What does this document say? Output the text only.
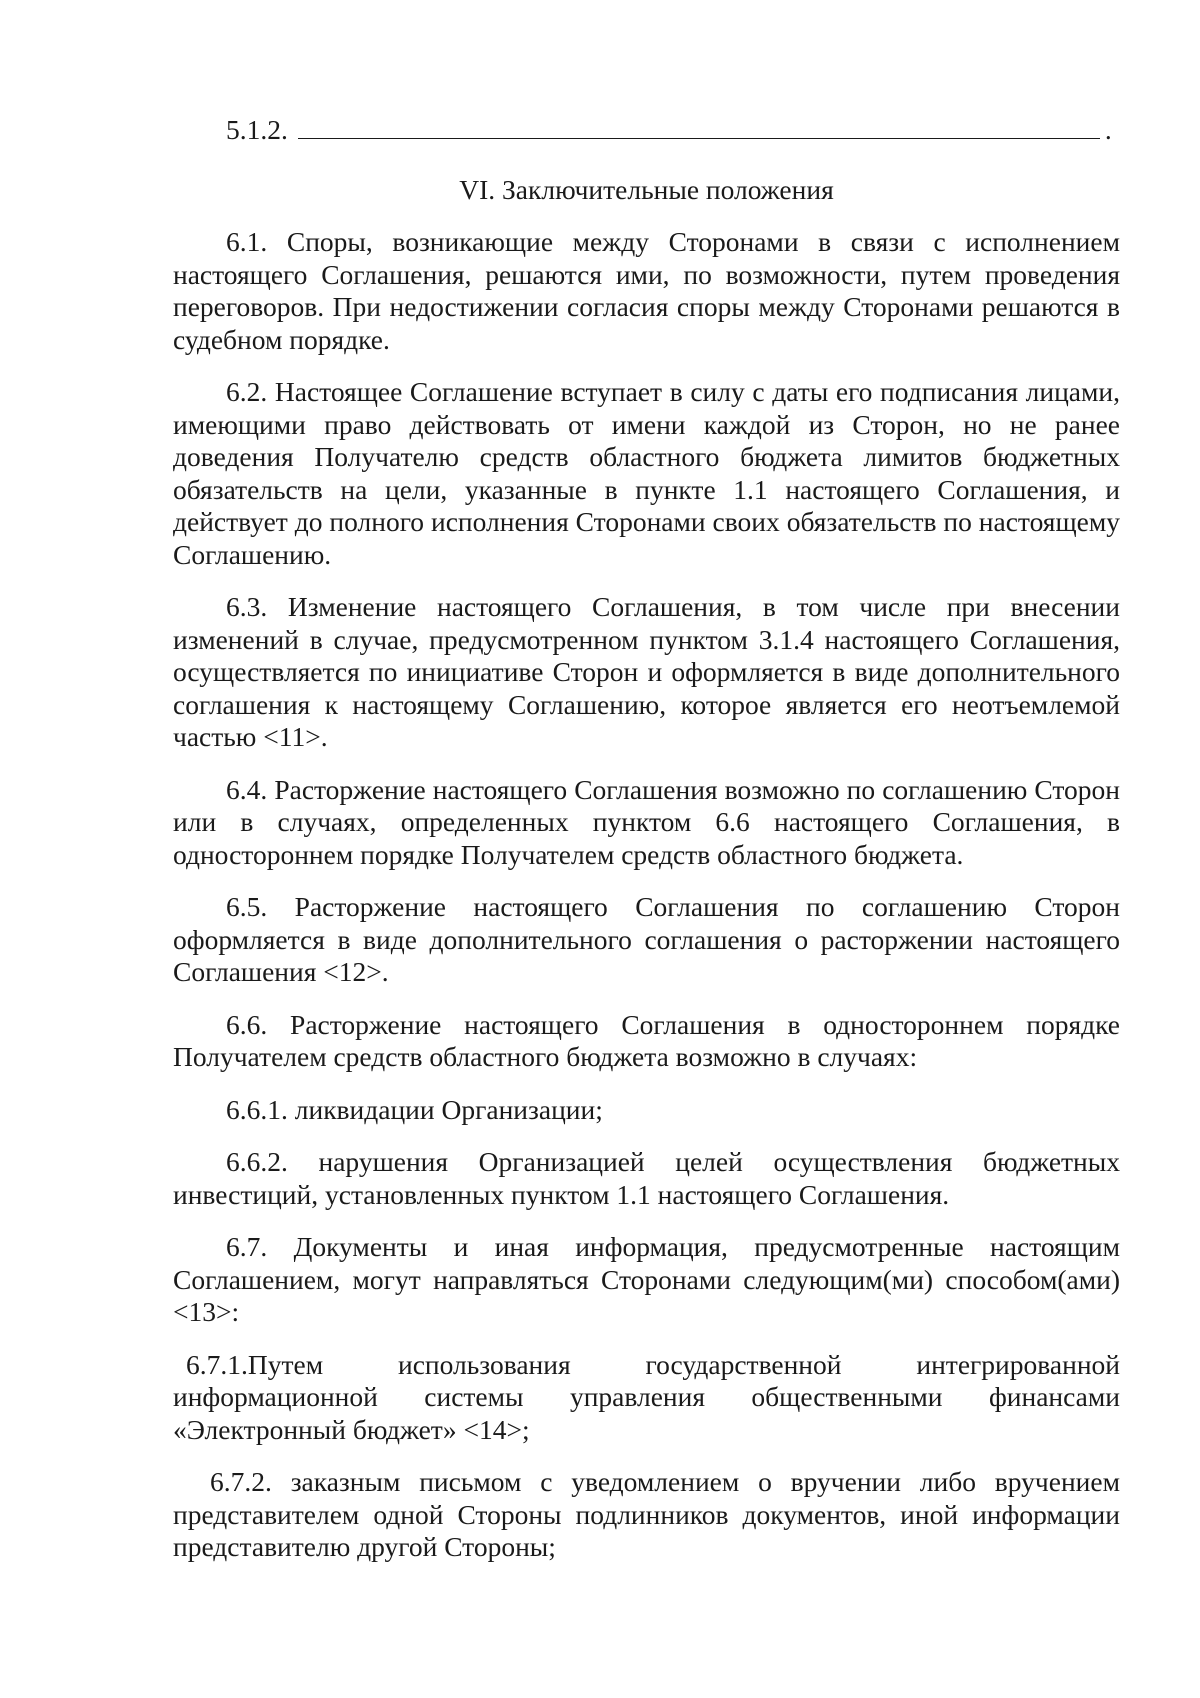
5.1.2.	.
VI. Заключительные положения

6.1. Споры, возникающие между Сторонами в связи с исполнением настоящего Соглашения, решаются ими, по возможности, путем проведения переговоров. При недостижении согласия споры между Сторонами решаются в судебном порядке.

6.2. Настоящее Соглашение вступает в силу с даты его подписания лицами, имеющими право действовать от имени каждой из Сторон, но не ранее доведения Получателю средств областного бюджета лимитов бюджетных обязательств на цели, указанные в пункте 1.1 настоящего Соглашения, и действует до полного исполнения Сторонами своих обязательств по настоящему Соглашению.

6.3. Изменение настоящего Соглашения, в том числе при внесении изменений в случае, предусмотренном пунктом 3.1.4 настоящего Соглашения, осуществляется по инициативе Сторон и оформляется в виде дополнительного соглашения к настоящему Соглашению, которое является его неотъемлемой частью <11>.

6.4. Расторжение настоящего Соглашения возможно по соглашению Сторон или в случаях, определенных пунктом 6.6 настоящего Соглашения, в одностороннем порядке Получателем средств областного бюджета.

6.5. Расторжение настоящего Соглашения по соглашению Сторон оформляется в виде дополнительного соглашения о расторжении настоящего Соглашения <12>.

6.6. Расторжение настоящего Соглашения в одностороннем порядке Получателем средств областного бюджета возможно в случаях:

6.6.1. ликвидации Организации;

6.6.2. нарушения Организацией целей осуществления бюджетных инвестиций, установленных пунктом 1.1 настоящего Соглашения.

6.7. Документы и иная информация, предусмотренные настоящим Соглашением, могут направляться Сторонами следующим(ми) способом(ами) <13>:

6.7.1.Путем использования государственной интегрированной информационной системы управления общественными финансами «Электронный бюджет» <14>;

6.7.2. заказным письмом с уведомлением о вручении либо вручением представителем одной Стороны подлинников документов, иной информации представителю другой Стороны;
